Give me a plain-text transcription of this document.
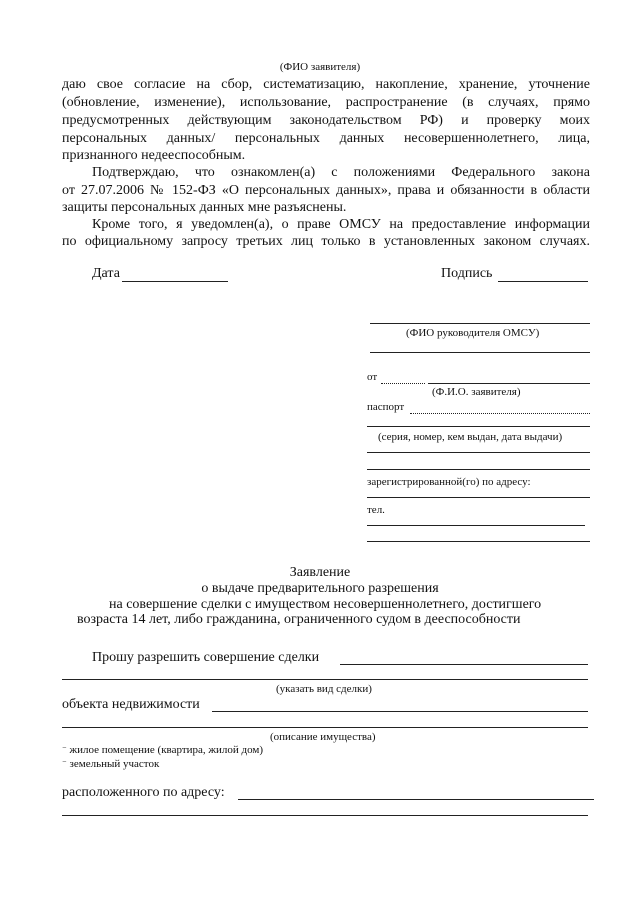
(ФИО заявителя)
даю свое согласие на сбор, систематизацию, накопление, хранение, уточнение
(обновление, изменение), использование, распространение (в случаях, прямо
предусмотренных действующим законодательством РФ) и проверку моих
персональных данных/ персональных данных несовершеннолетнего, лица,
признанного недееспособным.
Подтверждаю, что ознакомлен(а) с положениями Федерального закона
от 27.07.2006 № 152-ФЗ «О персональных данных», права и обязанности в области
защиты персональных данных мне разъяснены.
Кроме того, я уведомлен(а), о праве ОМСУ на предоставление информации
по официальному запросу третьих лиц только в установленных законом случаях.
Дата	Подпись
(ФИО руководителя ОМСУ)
от
(Ф.И.О. заявителя)
паспорт
(серия, номер, кем выдан, дата выдачи)
зарегистрированной(го) по адресу:
тел.
Заявление
о выдаче предварительного разрешения
на совершение сделки с имуществом несовершеннолетнего, достигшего
возраста 14 лет, либо гражданина, ограниченного судом в дееспособности
Прошу разрешить совершение сделки
(указать вид сделки)
объекта недвижимости
(описание имущества)
⁻ жилое помещение (квартира, жилой дом)
⁻ земельный участок
расположенного по адресу:
